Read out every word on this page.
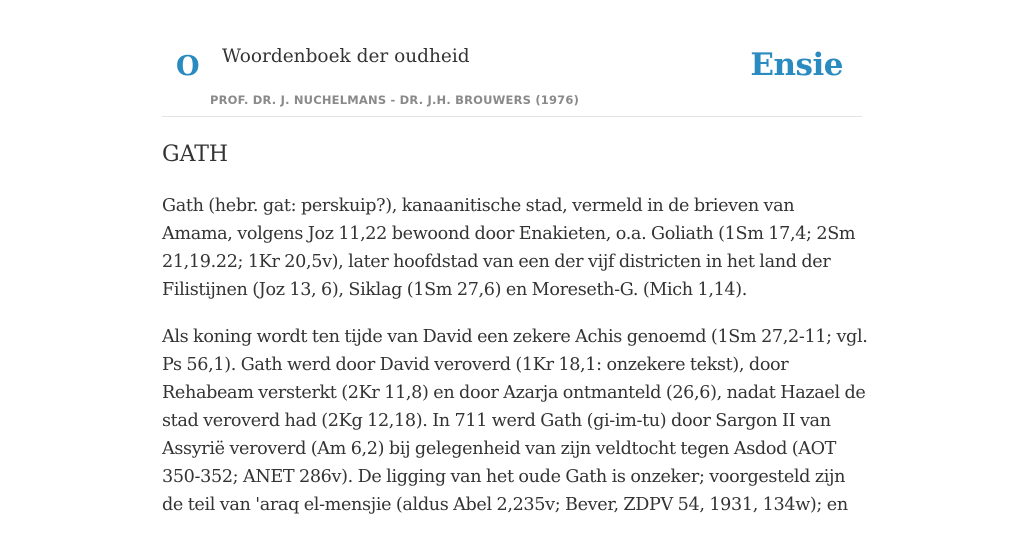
O Woordenboek der oudheid
PROF. DR. J. NUCHELMANS - DR. J.H. BROUWERS (1976)
Ensie
GATH

Gath (hebr. gat: perskuip?), kanaanitische stad, vermeld in de brieven van Amama, volgens Joz 11,22 bewoond door Enakieten, o.a. Goliath (1Sm 17,4; 2Sm 21,19.22; 1Kr 20,5v), later hoofdstad van een der vijf districten in het land der Filistijnen (Joz 13, 6), Siklag (1Sm 27,6) en Moreseth-G. (Mich 1,14).

Als koning wordt ten tijde van David een zekere Achis genoemd (1Sm 27,2-11; vgl. Ps 56,1). Gath werd door David veroverd (1Kr 18,1: onzekere tekst), door Rehabeam versterkt (2Kr 11,8) en door Azarja ontmanteld (26,6), nadat Hazael de stad veroverd had (2Kg 12,18). In 711 werd Gath (gi-im-tu) door Sargon II van Assyrië veroverd (Am 6,2) bij gelegenheid van zijn veldtocht tegen Asdod (AOT 350-352; ANET 286v). De ligging van het oude Gath is onzeker; voorgesteld zijn de teil van 'araq el-mensjie (aldus Abel 2,235v; Bever, ZDPV 54, 1931, 134w); en
